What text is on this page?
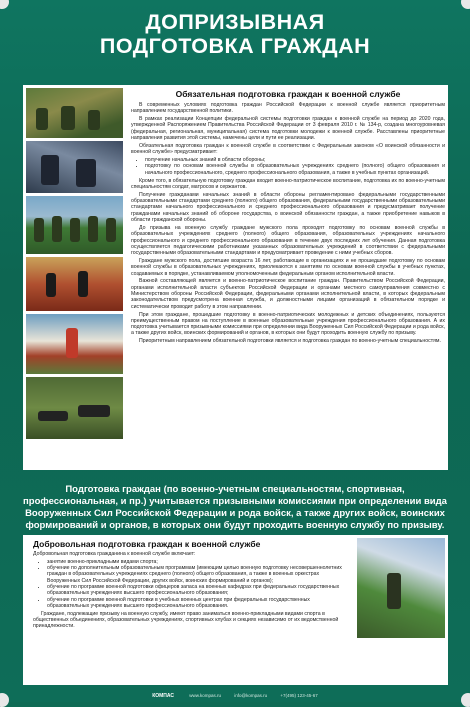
ДОПРИЗЫВНАЯ ПОДГОТОВКА ГРАЖДАН
Обязательная подготовка граждан к военной службе

В современных условиях подготовка граждан Российской Федерации к военной службе является приоритетным направлением государственной политики.

В рамках реализации Концепции федеральной системы подготовки граждан к военной службе на период до 2020 года, утвержденной Распоряжением Правительства Российской Федерации от 3 февраля 2010 г. № 134-р, создана многоуровневая (федеральная, региональная, муниципальная) система подготовки молодежи к военной службе. Расставлены приоритетные направления развития этой системы, намечены цели и пути ее реализации.

Обязательная подготовка граждан к военной службе в соответствии с Федеральным законом «О воинской обязанности и военной службе» предусматривает:

• получение начальных знаний в области обороны;
• подготовку по основам военной службы в образовательных учреждениях среднего (полного) общего образования и начального профессионального, среднего профессионального образования, а также в учебных пунктах организаций.

Кроме того, в обязательную подготовку граждан входит военно-патриотическое воспитание, подготовка их по военно-учетным специальностям солдат, матросов и сержантов.

Получение гражданами начальных знаний в области обороны регламентировано федеральными государственными образовательными стандартами среднего (полного) общего образования, федеральными государственными образовательными стандартами начального профессионального и среднего профессионального образования и предусматривает получение гражданами начальных знаний об обороне государства, о воинской обязанности граждан, а также приобретение навыков в области гражданской обороны.

До призыва на военную службу граждане мужского пола проходят подготовку по основам военной службы в образовательных учреждениях среднего (полного) общего образования, образовательных учреждениях начального профессионального и среднего профессионального образования в течение двух последних лет обучения. Данная подготовка осуществляется педагогическими работниками указанных образовательных учреждений в соответствии с федеральными государственными образовательными стандартами и предусматривает проведение с ними учебных сборов.

Граждане мужского пола, достигшие возраста 16 лет, работающие в организациях и не прошедшие подготовку по основам военной службы в образовательных учреждениях, приолекаются к занятиям по основам военной службы в учебных пунктах, создаваемых в порядке, устанавливаемом уполномоченным федеральным органом исполнительной власти.

Важной составляющей является и военно-патриотическое воспитание граждан. Правительством Российской Федерации, органами исполнительной власти субъектов Российской Федерации и органами местного самоуправления совместно с Министерством обороны Российской Федерации, федеральными органами исполнительной власти, в которых федеральным законодательством предусмотрена военная служба, и должностными лицами организаций в обязательном порядке и систематически проводит работу в этом направлении.

При этом граждане, прошедшие подготовку в военно-патриотических молодежных и детских объединениях, пользуются преимущественным правом на поступление в военные образовательные учреждения профессионального образования. А их подготовка учитывается призывными комиссиями при определении вида Вооруженных Сил Российской Федерации и рода войск, а также других войск, воинских формирований и органов, в которых они будут проходить военную службу по призыву.

Приоритетным направлением обязательной подготовки является и подготовка граждан по военно-учетным специальностям.

Подготовка граждан (по военно-учетным специальностям, спортивная, профессиональная, и пр.) учитывается призывными комиссиями при определении вида Вооруженных Сил Российской Федерации и рода войск, а также других войск, воинских формирований и органов, в которых они будут проходить военную службу по призыву.
Добровольная подготовка граждан к военной службе

Добровольная подготовка гражданина к военной службе включает:

• занятие военно-прикладными видами спорта;
• обучение по дополнительным образовательным программам (имеющим целью военную подготовку несовершеннолетних граждан в образовательных учреждениях среднего (полного) общего образования, а также в военных оркестрах Вооруженных Сил Российской Федерации, других войск, воинских формирований и органов);
• обучение по программе военной подготовки офицеров запаса на военных кафедрах при федеральных государственных образовательных учреждениях высшего профессионального образования;
• обучение по программе военной подготовки в учебных военных центрах при федеральных государственных образовательных учреждениях высшего профессионального образования.

Граждане, подлежащие призыву на военную службу, имеют право заниматься военно-прикладными видами спорта в общественных объединениях, образовательных учреждениях, спортивных клубах и секциях независимо от их ведомственной принадлежности.

КОМПАС	www.kompas.ru	info@kompas.ru	+7(495) 123-45-67
